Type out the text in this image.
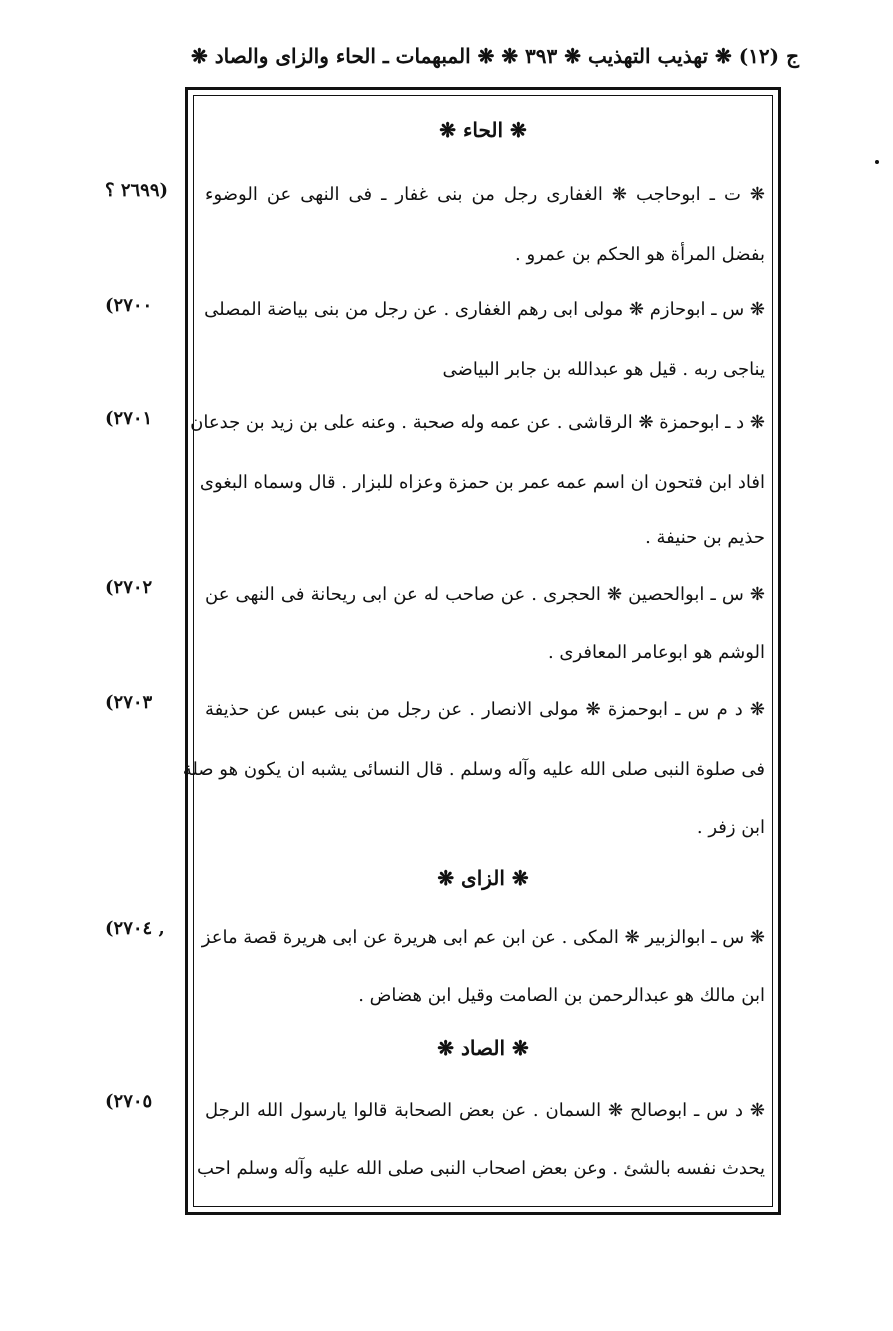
ج (١٢) ❋ تهذيب التهذيب ❋ ٣٩٣ ❋ ❋ المبهمات ـ الحاء والزاى والصاد ❋
❋ الحاء ❋
٢٦٩٩ ؟)	❋ ت ـ ابوحاجب ❋ الغفارى رجل من بنى غفار ـ فى النهى عن الوضوء
بفضل المرأة هو الحكم بن عمرو .
(٢٧٠٠	❋ س ـ ابوحازم ❋ مولى ابى رهم الغفارى . عن رجل من بنى بياضة المصلى
يناجى ربه . قيل هو عبدالله بن جابر البياضى
(٢٧٠١	❋ د ـ ابوحمزة ❋ الرقاشى . عن عمه وله صحبة . وعنه على بن زيد بن جدعان
افاد ابن فتحون ان اسم عمه عمر بن حمزة وعزاه للبزار . قال وسماه البغوى
حذيم بن حنيفة .
(٢٧٠٢	❋ س ـ ابوالحصين ❋ الحجرى . عن صاحب له عن ابى ريحانة فى النهى عن
الوشم هو ابوعامر المعافرى .
(٢٧٠٣	❋ د م س ـ ابوحمزة ❋ مولى الانصار . عن رجل من بنى عبس عن حذيفة
فى صلوة النبى صلى الله عليه وآله وسلم . قال النسائى يشبه ان يكون هو صلة
ابن زفر .
❋ الزاى ❋
(٢٧٠٤ ,	❋ س ـ ابوالزبير ❋ المكى . عن ابن عم ابى هريرة عن ابى هريرة قصة ماعز
ابن مالك هو عبدالرحمن بن الصامت وقيل ابن هضاض .
❋ الصاد ❋
(٢٧٠٥	❋ د س ـ ابوصالح ❋ السمان . عن بعض الصحابة قالوا يارسول الله الرجل
يحدث نفسه بالشئ . وعن بعض اصحاب النبى صلى الله عليه وآله وسلم احب
